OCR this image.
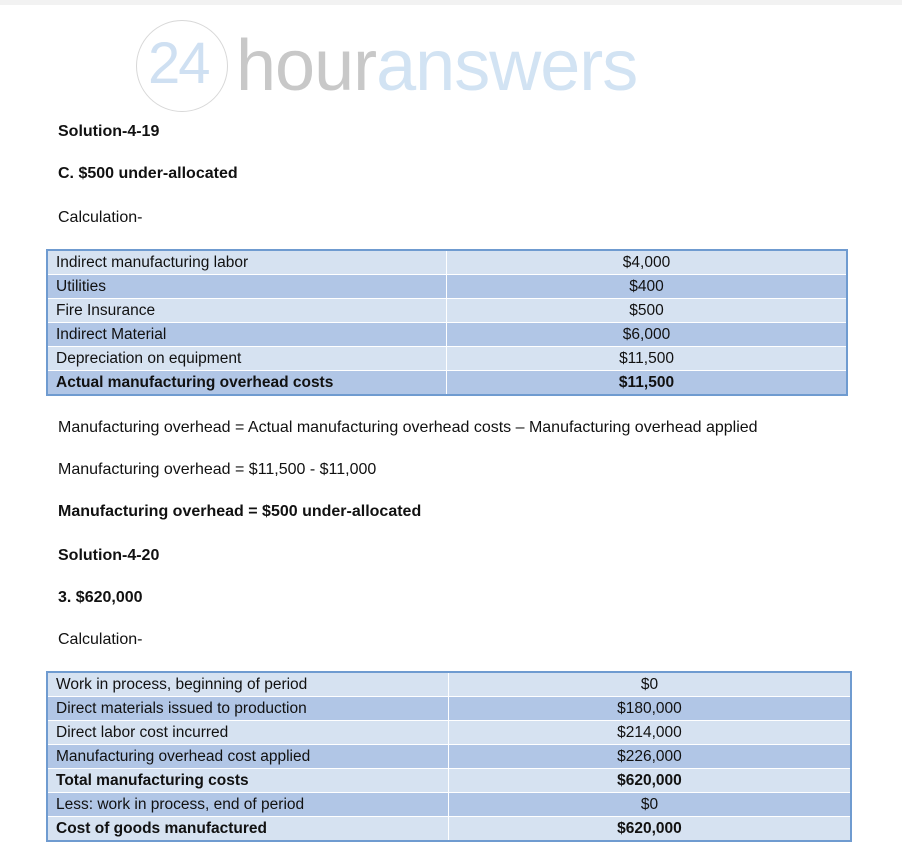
24 houranswers
Solution-4-19
C. $500 under-allocated
Calculation-
Indirect manufacturing labor	$4,000
Utilities	$400
Fire Insurance	$500
Indirect Material	$6,000
Depreciation on equipment	$11,500
Actual manufacturing overhead costs	$11,500
Manufacturing overhead = Actual manufacturing overhead costs – Manufacturing overhead applied
Manufacturing overhead = $11,500 - $11,000
Manufacturing overhead = $500 under-allocated
Solution-4-20
3. $620,000
Calculation-
Work in process, beginning of period	$0
Direct materials issued to production	$180,000
Direct labor cost incurred	$214,000
Manufacturing overhead cost applied	$226,000
Total manufacturing costs	$620,000
Less: work in process, end of period	$0
Cost of goods manufactured	$620,000
